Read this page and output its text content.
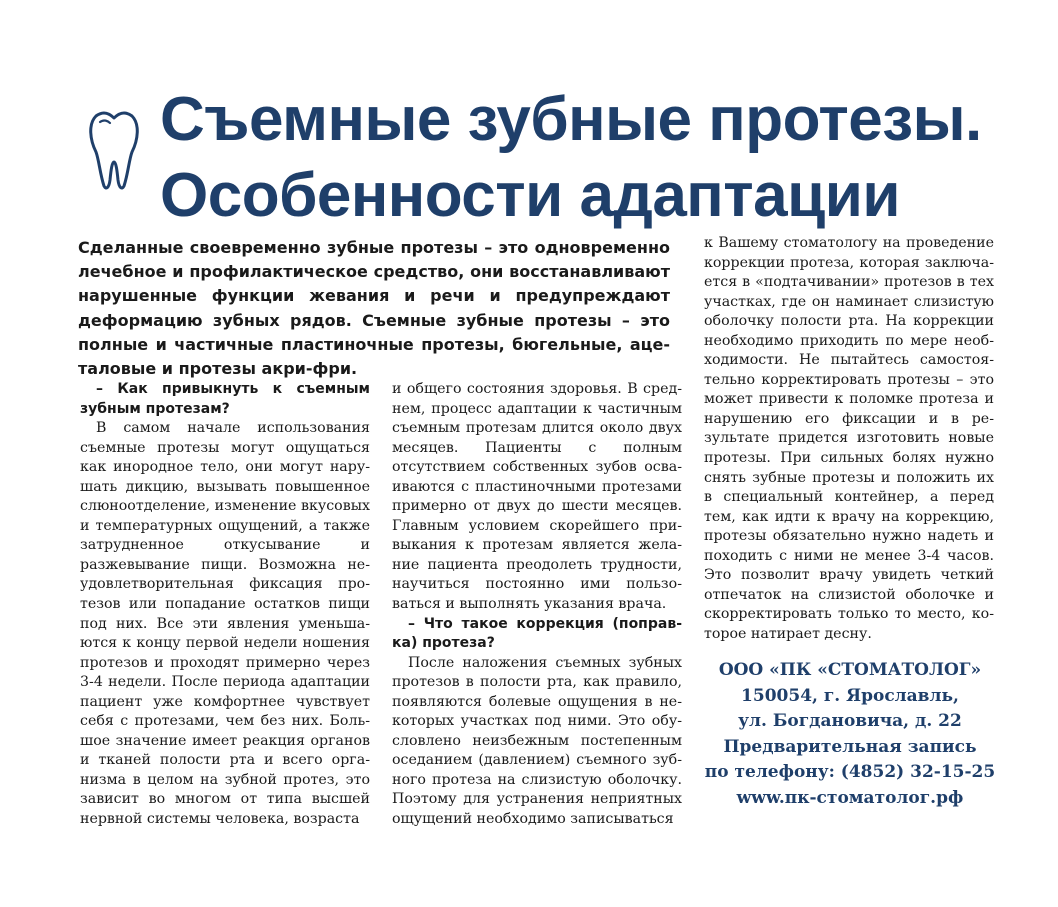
Съемные зубные протезы.
Особенности адаптации

Сделанные своевременно зубные протезы – это одновременно лечебное и профилактическое средство, они восстанавливают нарушенные функции жевания и речи и предупреждают деформацию зубных рядов. Съемные зубные протезы – это полные и частичные пластиночные протезы, бюгельные, ацеталовые и протезы акри-фри.

– Как привыкнуть к съемным зубным протезам?

В самом начале использования съемные протезы могут ощущаться как инородное тело, они могут нарушать дикцию, вызывать повышенное слюноотделение, изменение вкусовых и температурных ощущений, а также затрудненное откусывание и разжевывание пищи. Возможна неудовлетворительная фиксация протезов или попадание остатков пищи под них. Все эти явления уменьшаются к концу первой недели ношения протезов и проходят примерно через 3-4 недели. После периода адаптации пациент уже комфортнее чувствует себя с протезами, чем без них. Большое значение имеет реакция органов и тканей полости рта и всего организма в целом на зубной протез, это зависит во многом от типа высшей нервной системы человека, возраста

и общего состояния здоровья. В среднем, процесс адаптации к частичным съемным протезам длится около двух месяцев. Пациенты с полным отсутствием собственных зубов осваиваются с пластиночными протезами примерно от двух до шести месяцев. Главным условием скорейшего привыкания к протезам является желание пациента преодолеть трудности, научиться постоянно ими пользоваться и выполнять указания врача.

– Что такое коррекция (поправка) протеза?

После наложения съемных зубных протезов в полости рта, как правило, появляются болевые ощущения в некоторых участках под ними. Это обусловлено неизбежным постепенным оседанием (давлением) съемного зубного протеза на слизистую оболочку. Поэтому для устранения неприятных ощущений необходимо записываться

к Вашему стоматологу на проведение коррекции протеза, которая заключается в «подтачивании» протезов в тех участках, где он наминает слизистую оболочку полости рта. На коррекции необходимо приходить по мере необходимости. Не пытайтесь самостоятельно корректировать протезы – это может привести к поломке протеза и нарушению его фиксации и в результате придется изготовить новые протезы. При сильных болях нужно снять зубные протезы и положить их в специальный контейнер, а перед тем, как идти к врачу на коррекцию, протезы обязательно нужно надеть и походить с ними не менее 3-4 часов. Это позволит врачу увидеть четкий отпечаток на слизистой оболочке и скорректировать только то место, которое натирает десну.

ООО «ПК «СТОМАТОЛОГ»
150054, г. Ярославль,
ул. Богдановича, д. 22
Предварительная запись
по телефону: (4852) 32-15-25
www.пк-стоматолог.рф
